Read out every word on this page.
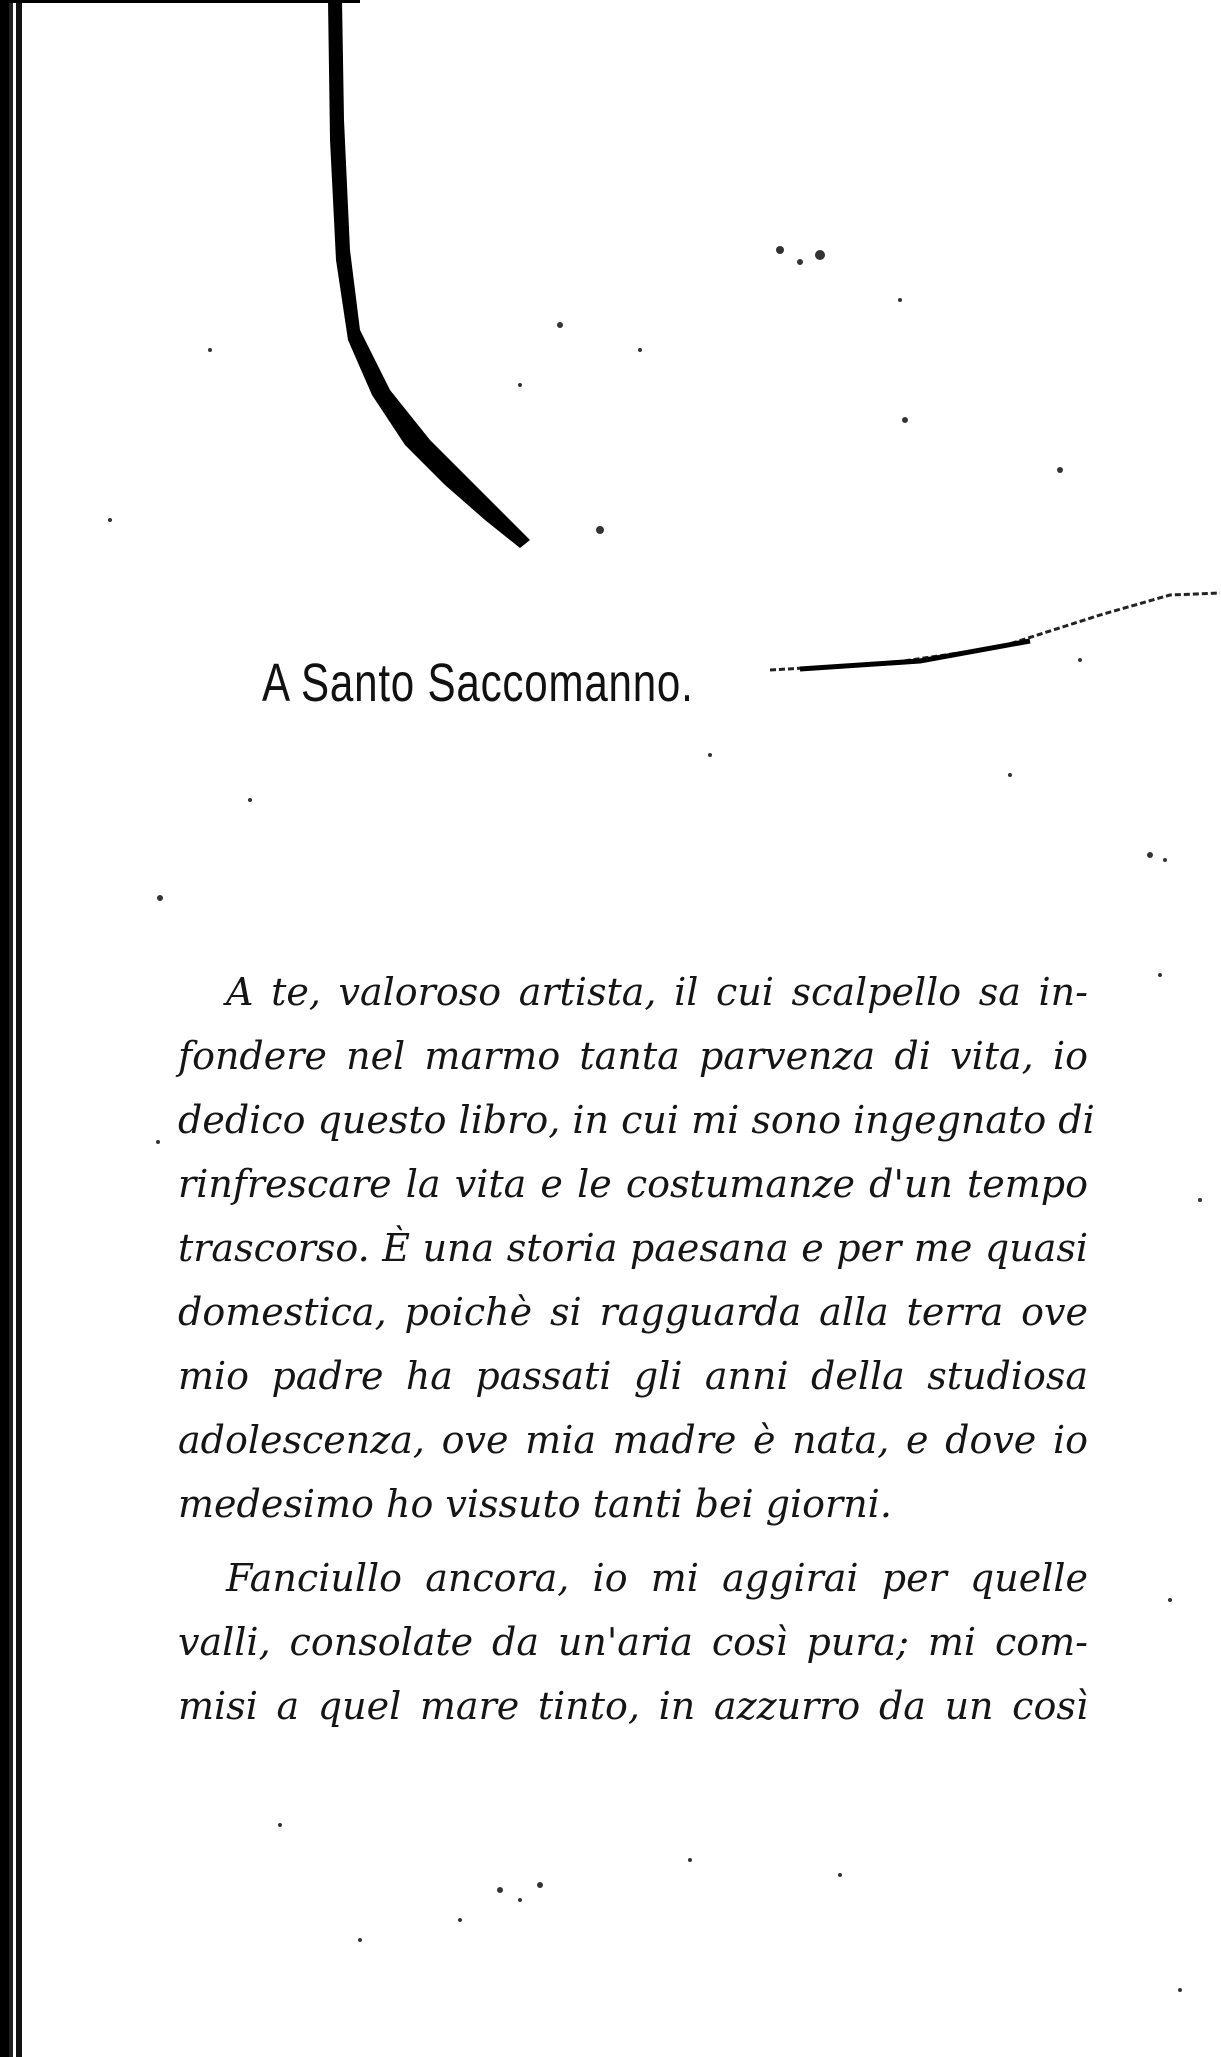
A Santo Saccomanno.
A te, valoroso artista, il cui scalpello sa in-
fondere nel marmo tanta parvenza di vita, io
dedico questo libro, in cui mi sono ingegnato di
rinfrescare la vita e le costumanze d'un tempo
trascorso. È una storia paesana e per me quasi
domestica, poichè si ragguarda alla terra ove
mio padre ha passati gli anni della studiosa
adolescenza, ove mia madre è nata, e dove io
medesimo ho vissuto tanti bei giorni.
Fanciullo ancora, io mi aggirai per quelle
valli, consolate da un'aria così pura; mi com-
misi a quel mare tinto, in azzurro da un così
